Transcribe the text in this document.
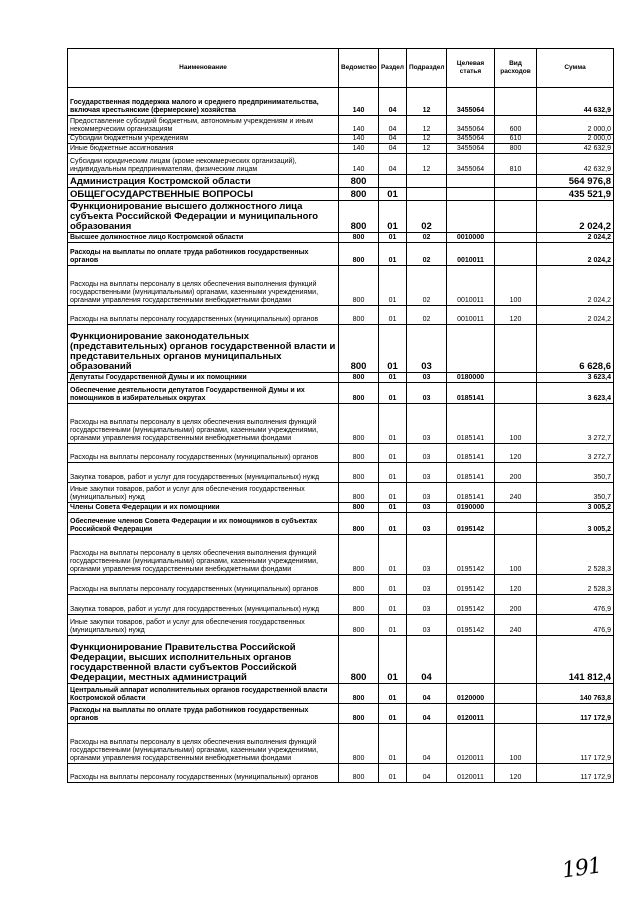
Наименование	Ведомство	Раздел	Подраздел	Целевая статья	Вид расходов	Сумма
Государственная поддержка малого и среднего предпринимательства, включая крестьянские (фермерские) хозяйства	140	04	12	3455064		44 632,9
Предоставление субсидий бюджетным, автономным учреждениям и иным некоммерческим организациям	140	04	12	3455064	600	2 000,0
Субсидии бюджетным учреждениям	140	04	12	3455064	610	2 000,0
Иные бюджетные ассигнования	140	04	12	3455064	800	42 632,9
Субсидии юридическим лицам (кроме некоммерческих организаций), индивидуальным предпринимателям, физическим лицам	140	04	12	3455064	810	42 632,9
Администрация Костромской области	800					564 976,8
ОБЩЕГОСУДАРСТВЕННЫЕ ВОПРОСЫ	800	01				435 521,9
Функционирование высшего должностного лица субъекта Российской Федерации и муниципального образования	800	01	02			2 024,2
Высшее должностное лицо Костромской области	800	01	02	0010000		2 024,2
Расходы на выплаты по оплате труда работников государственных органов	800	01	02	0010011		2 024,2
Расходы на выплаты персоналу в целях обеспечения выполнения функций государственными (муниципальными) органами, казенными учреждениями, органами управления государственными внебюджетными фондами	800	01	02	0010011	100	2 024,2
Расходы на выплаты персоналу государственных (муниципальных) органов	800	01	02	0010011	120	2 024,2
Функционирование законодательных (представительных) органов государственной власти и представительных органов муниципальных образований	800	01	03			6 628,6
Депутаты Государственной Думы и их помощники	800	01	03	0180000		3 623,4
Обеспечение деятельности депутатов Государственной Думы и их помощников в избирательных округах	800	01	03	0185141		3 623,4
Расходы на выплаты персоналу в целях обеспечения выполнения функций государственными (муниципальными) органами, казенными учреждениями, органами управления государственными внебюджетными фондами	800	01	03	0185141	100	3 272,7
Расходы на выплаты персоналу государственных (муниципальных) органов	800	01	03	0185141	120	3 272,7
Закупка товаров, работ и услуг для государственных (муниципальных) нужд	800	01	03	0185141	200	350,7
Иные закупки товаров, работ и услуг для обеспечения государственных (муниципальных) нужд	800	01	03	0185141	240	350,7
Члены Совета Федерации и их помощники	800	01	03	0190000		3 005,2
Обеспечение членов Совета Федерации и их помощников в субъектах Российской Федерации	800	01	03	0195142		3 005,2
Расходы на выплаты персоналу в целях обеспечения выполнения функций государственными (муниципальными) органами, казенными учреждениями, органами управления государственными внебюджетными фондами	800	01	03	0195142	100	2 528,3
Расходы на выплаты персоналу государственных (муниципальных) органов	800	01	03	0195142	120	2 528,3
Закупка товаров, работ и услуг для государственных (муниципальных) нужд	800	01	03	0195142	200	476,9
Иные закупки товаров, работ и услуг для обеспечения государственных (муниципальных) нужд	800	01	03	0195142	240	476,9
Функционирование Правительства Российской Федерации, высших исполнительных органов государственной власти субъектов Российской Федерации, местных администраций	800	01	04			141 812,4
Центральный аппарат исполнительных органов государственной власти Костромской области	800	01	04	0120000		140 763,8
Расходы на выплаты по оплате труда работников государственных органов	800	01	04	0120011		117 172,9
Расходы на выплаты персоналу в целях обеспечения выполнения функций государственными (муниципальными) органами, казенными учреждениями, органами управления государственными внебюджетными фондами	800	01	04	0120011	100	117 172,9
Расходы на выплаты персоналу государственных (муниципальных) органов	800	01	04	0120011	120	117 172,9
191
